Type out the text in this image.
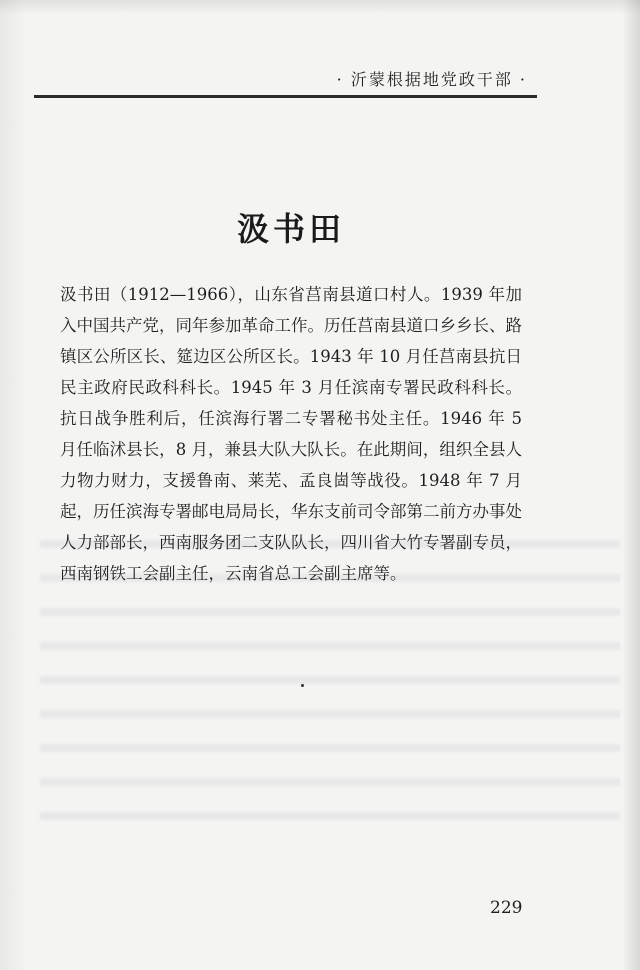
· 沂蒙根据地党政干部 ·
汲书田

汲书田（1912—1966），山东省莒南县道口村人。1939 年加入中国共产党，同年参加革命工作。历任莒南县道口乡乡长、路镇区公所区长、筵边区公所区长。1943 年 10 月任莒南县抗日民主政府民政科科长。1945 年 3 月任滨南专署民政科科长。抗日战争胜利后，任滨海行署二专署秘书处主任。1946 年 5 月任临沭县长，8 月，兼县大队大队长。在此期间，组织全县人力物力财力，支援鲁南、莱芜、孟良崮等战役。1948 年 7 月起，历任滨海专署邮电局局长，华东支前司令部第二前方办事处人力部部长，西南服务团二支队队长，四川省大竹专署副专员，西南钢铁工会副主任，云南省总工会副主席等。

229
